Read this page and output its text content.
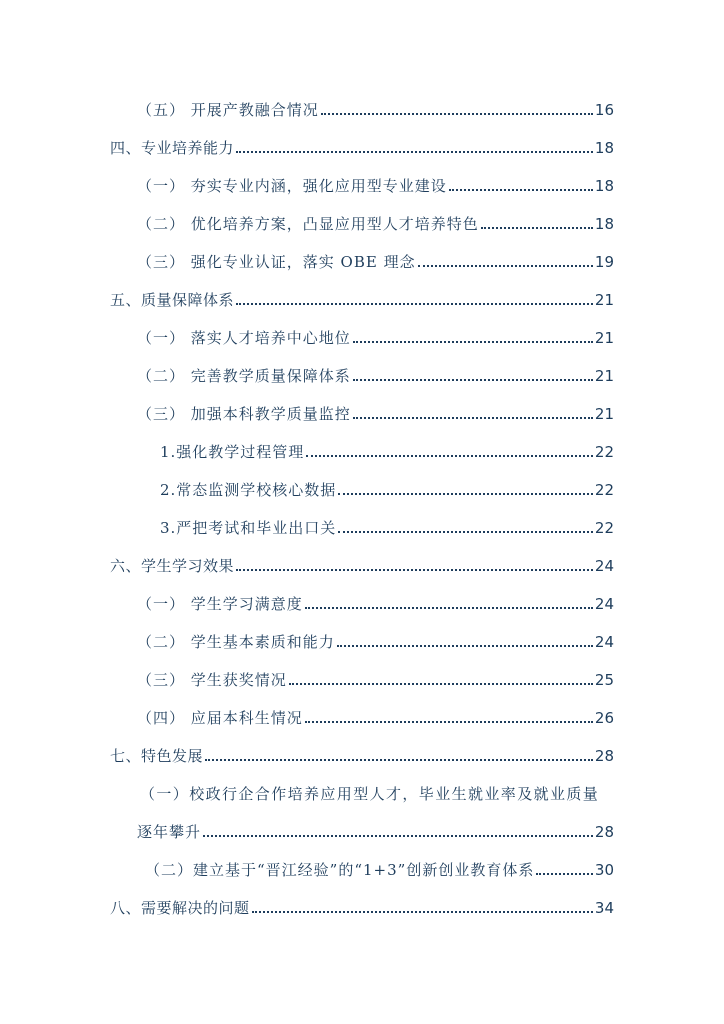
（五） 开展产教融合情况	16
四、专业培养能力	18
（一） 夯实专业内涵，强化应用型专业建设	18
（二） 优化培养方案，凸显应用型人才培养特色	18
（三） 强化专业认证，落实 OBE 理念	19
五、质量保障体系	21
（一） 落实人才培养中心地位	21
（二） 完善教学质量保障体系	21
（三） 加强本科教学质量监控	21
1.强化教学过程管理	22
2.常态监测学校核心数据	22
3.严把考试和毕业出口关	22
六、学生学习效果	24
（一） 学生学习满意度	24
（二） 学生基本素质和能力	24
（三） 学生获奖情况	25
（四） 应届本科生情况	26
七、特色发展	28
（一）校政行企合作培养应用型人才，毕业生就业率及就业质量
逐年攀升	28
（二）建立基于“晋江经验”的“1+3”创新创业教育体系	30
八、需要解决的问题	34
